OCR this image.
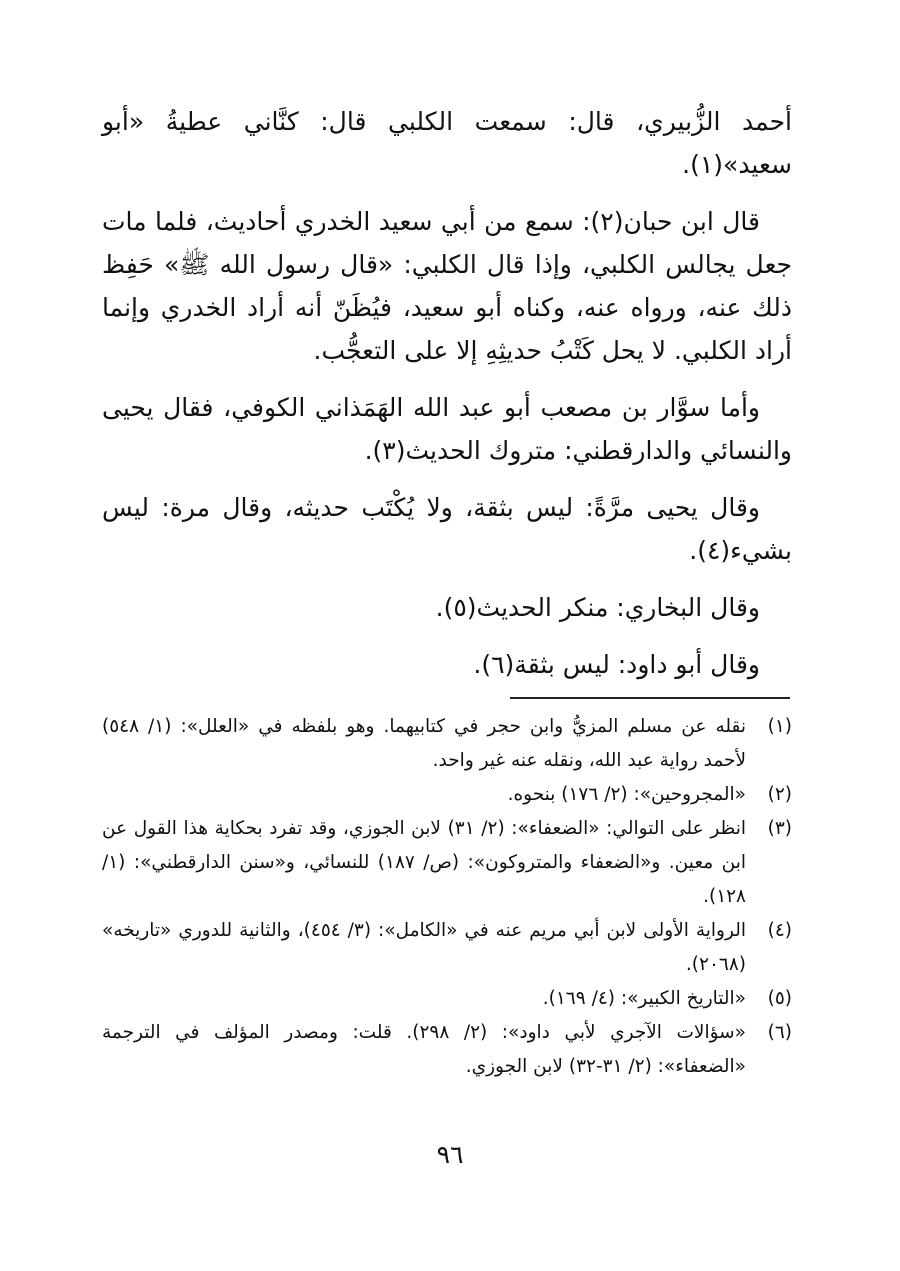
أحمد الزُّبيري، قال: سمعت الكلبي قال: كنَّاني عطيةُ «أبو سعيد»(١).

قال ابن حبان(٢): سمع من أبي سعيد الخدري أحاديث، فلما مات جعل يجالس الكلبي، وإذا قال الكلبي: «قال رسول الله ﷺ» حَفِظ ذلك عنه، ورواه عنه، وكناه أبو سعيد، فيُظَنّ أنه أراد الخدري وإنما أراد الكلبي. لا يحل كَتْبُ حديثِهِ إلا على التعجُّب.

وأما سوَّار بن مصعب أبو عبد الله الهَمَذاني الكوفي، فقال يحيى والنسائي والدارقطني: متروك الحديث(٣).

وقال يحيى مرَّةً: ليس بثقة، ولا يُكْتَب حديثه، وقال مرة: ليس بشيء(٤).

وقال البخاري: منكر الحديث(٥).

وقال أبو داود: ليس بثقة(٦).

(١)
نقله عن مسلم المزيُّ وابن حجر في كتابيهما. وهو بلفظه في «العلل»: (١/ ٥٤٨) لأحمد رواية عبد الله، ونقله عنه غير واحد.
(٢)
«المجروحين»: (٢/ ١٧٦) بنحوه.
(٣)
انظر على التوالي: «الضعفاء»: (٢/ ٣١) لابن الجوزي، وقد تفرد بحكاية هذا القول عن ابن معين. و«الضعفاء والمتروكون»: (ص/ ١٨٧) للنسائي، و«سنن الدارقطني»: (١/ ١٢٨).
(٤)
الرواية الأولى لابن أبي مريم عنه في «الكامل»: (٣/ ٤٥٤)، والثانية للدوري «تاريخه» (٢٠٦٨).
(٥)
«التاريخ الكبير»: (٤/ ١٦٩).
(٦)
«سؤالات الآجري لأبي داود»: (٢/ ٢٩٨). قلت: ومصدر المؤلف في الترجمة «الضعفاء»: (٢/ ٣١-٣٢) لابن الجوزي.
٩٦
